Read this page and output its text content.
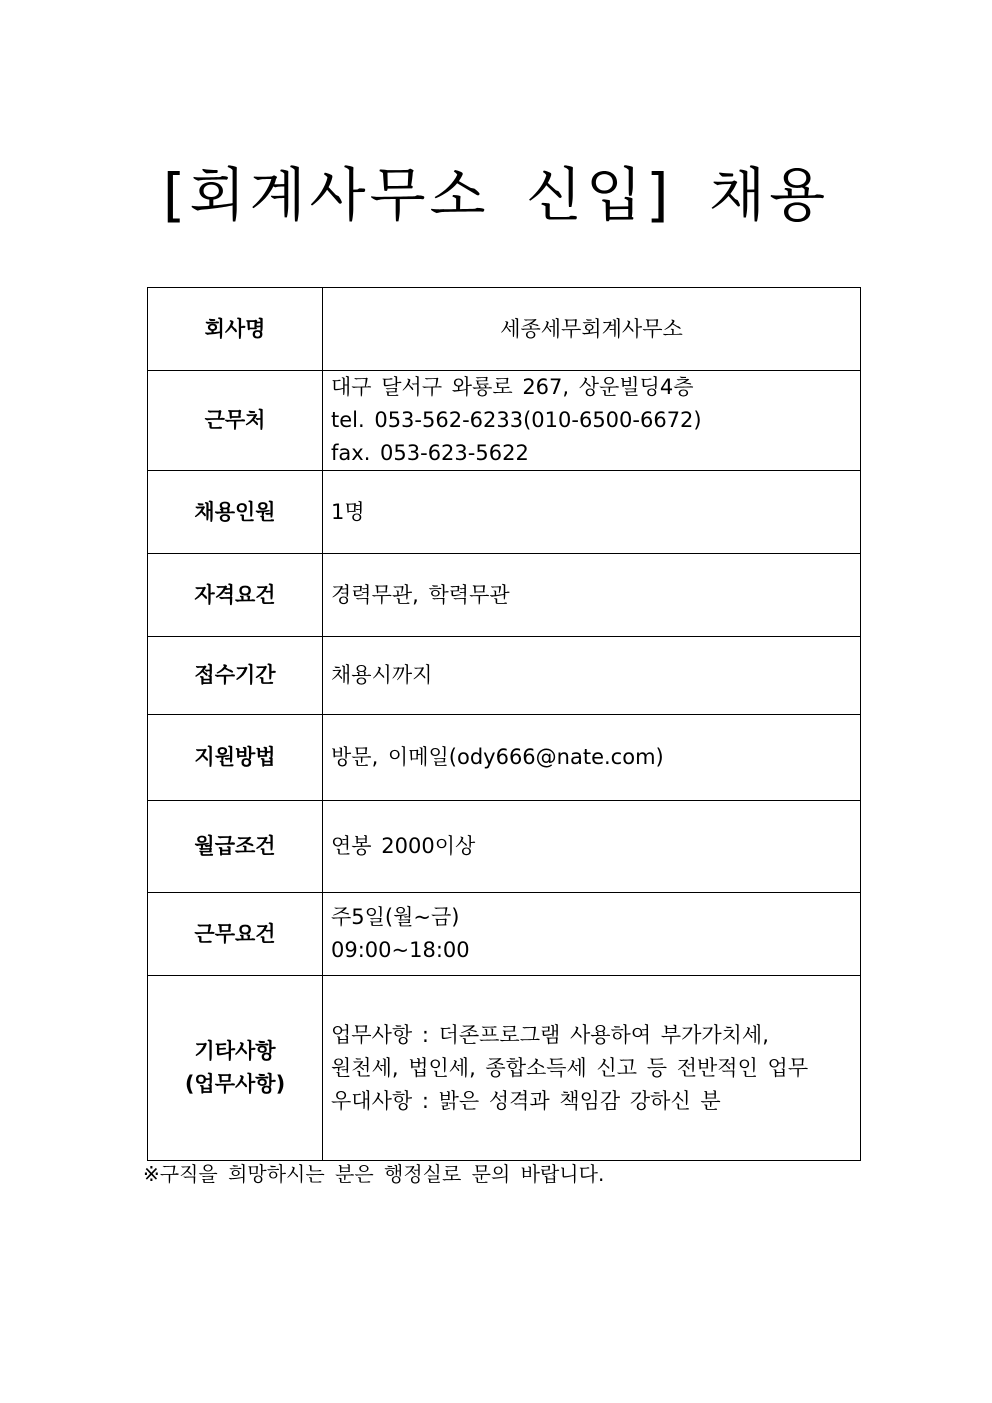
[회계사무소 신입] 채용
회사명	세종세무회계사무소

근무처	대구 달서구 와룡로 267, 상운빌딩4층
tel. 053-562-6233(010-6500-6672)
fax. 053-623-5622

채용인원	1명

자격요건	경력무관, 학력무관

접수기간	채용시까지

지원방법	방문, 이메일(ody666@nate.com)

월급조건	연봉 2000이상

근무요건	주5일(월~금)
09:00~18:00

기타사항
(업무사항)	업무사항 : 더존프로그램 사용하여 부가가치세,
원천세, 법인세, 종합소득세 신고 등 전반적인 업무
우대사항 : 밝은 성격과 책임감 강하신 분
※구직을 희망하시는 분은 행정실로 문의 바랍니다.
